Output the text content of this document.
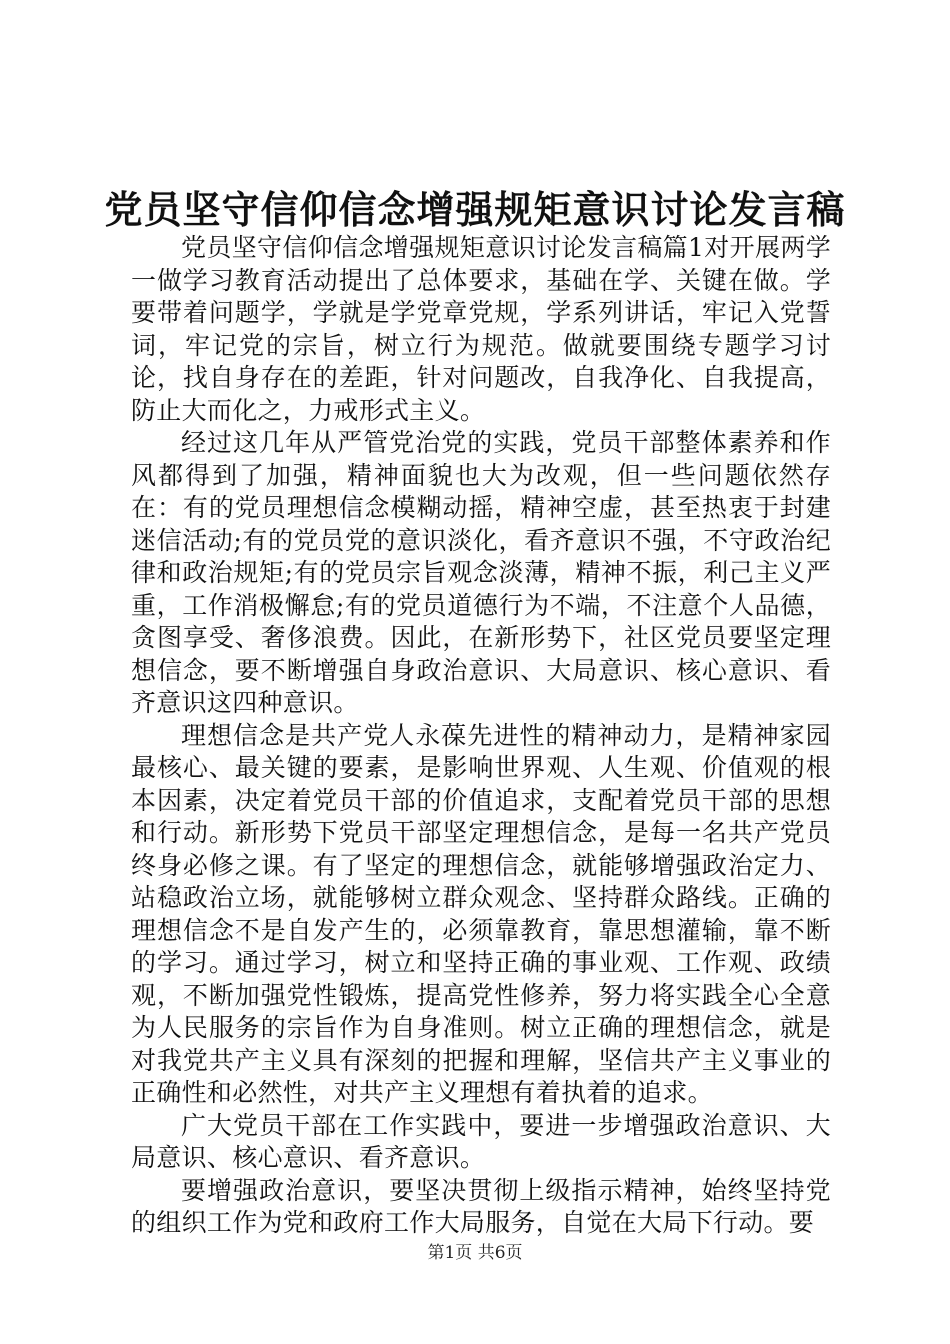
党员坚守信仰信念增强规矩意识讨论发言稿

党员坚守信仰信念增强规矩意识讨论发言稿篇1对开展两学一做学习教育活动提出了总体要求，基础在学、关键在做。学要带着问题学，学就是学党章党规，学系列讲话，牢记入党誓词，牢记党的宗旨，树立行为规范。做就要围绕专题学习讨论，找自身存在的差距，针对问题改，自我净化、自我提高，防止大而化之，力戒形式主义。

经过这几年从严管党治党的实践，党员干部整体素养和作风都得到了加强，精神面貌也大为改观，但一些问题依然存在：有的党员理想信念模糊动摇，精神空虚，甚至热衷于封建迷信活动;有的党员党的意识淡化，看齐意识不强，不守政治纪律和政治规矩;有的党员宗旨观念淡薄，精神不振，利己主义严重，工作消极懈怠;有的党员道德行为不端，不注意个人品德，贪图享受、奢侈浪费。因此，在新形势下，社区党员要坚定理想信念，要不断增强自身政治意识、大局意识、核心意识、看齐意识这四种意识。

理想信念是共产党人永葆先进性的精神动力，是精神家园最核心、最关键的要素，是影响世界观、人生观、价值观的根本因素，决定着党员干部的价值追求，支配着党员干部的思想和行动。新形势下党员干部坚定理想信念，是每一名共产党员终身必修之课。有了坚定的理想信念，就能够增强政治定力、站稳政治立场，就能够树立群众观念、坚持群众路线。正确的理想信念不是自发产生的，必须靠教育，靠思想灌输，靠不断的学习。通过学习，树立和坚持正确的事业观、工作观、政绩观，不断加强党性锻炼，提高党性修养，努力将实践全心全意为人民服务的宗旨作为自身准则。树立正确的理想信念，就是对我党共产主义具有深刻的把握和理解，坚信共产主义事业的正确性和必然性，对共产主义理想有着执着的追求。

广大党员干部在工作实践中，要进一步增强政治意识、大局意识、核心意识、看齐意识。

要增强政治意识，要坚决贯彻上级指示精神，始终坚持党的组织工作为党和政府工作大局服务，自觉在大局下行动。要

第1页 共6页
